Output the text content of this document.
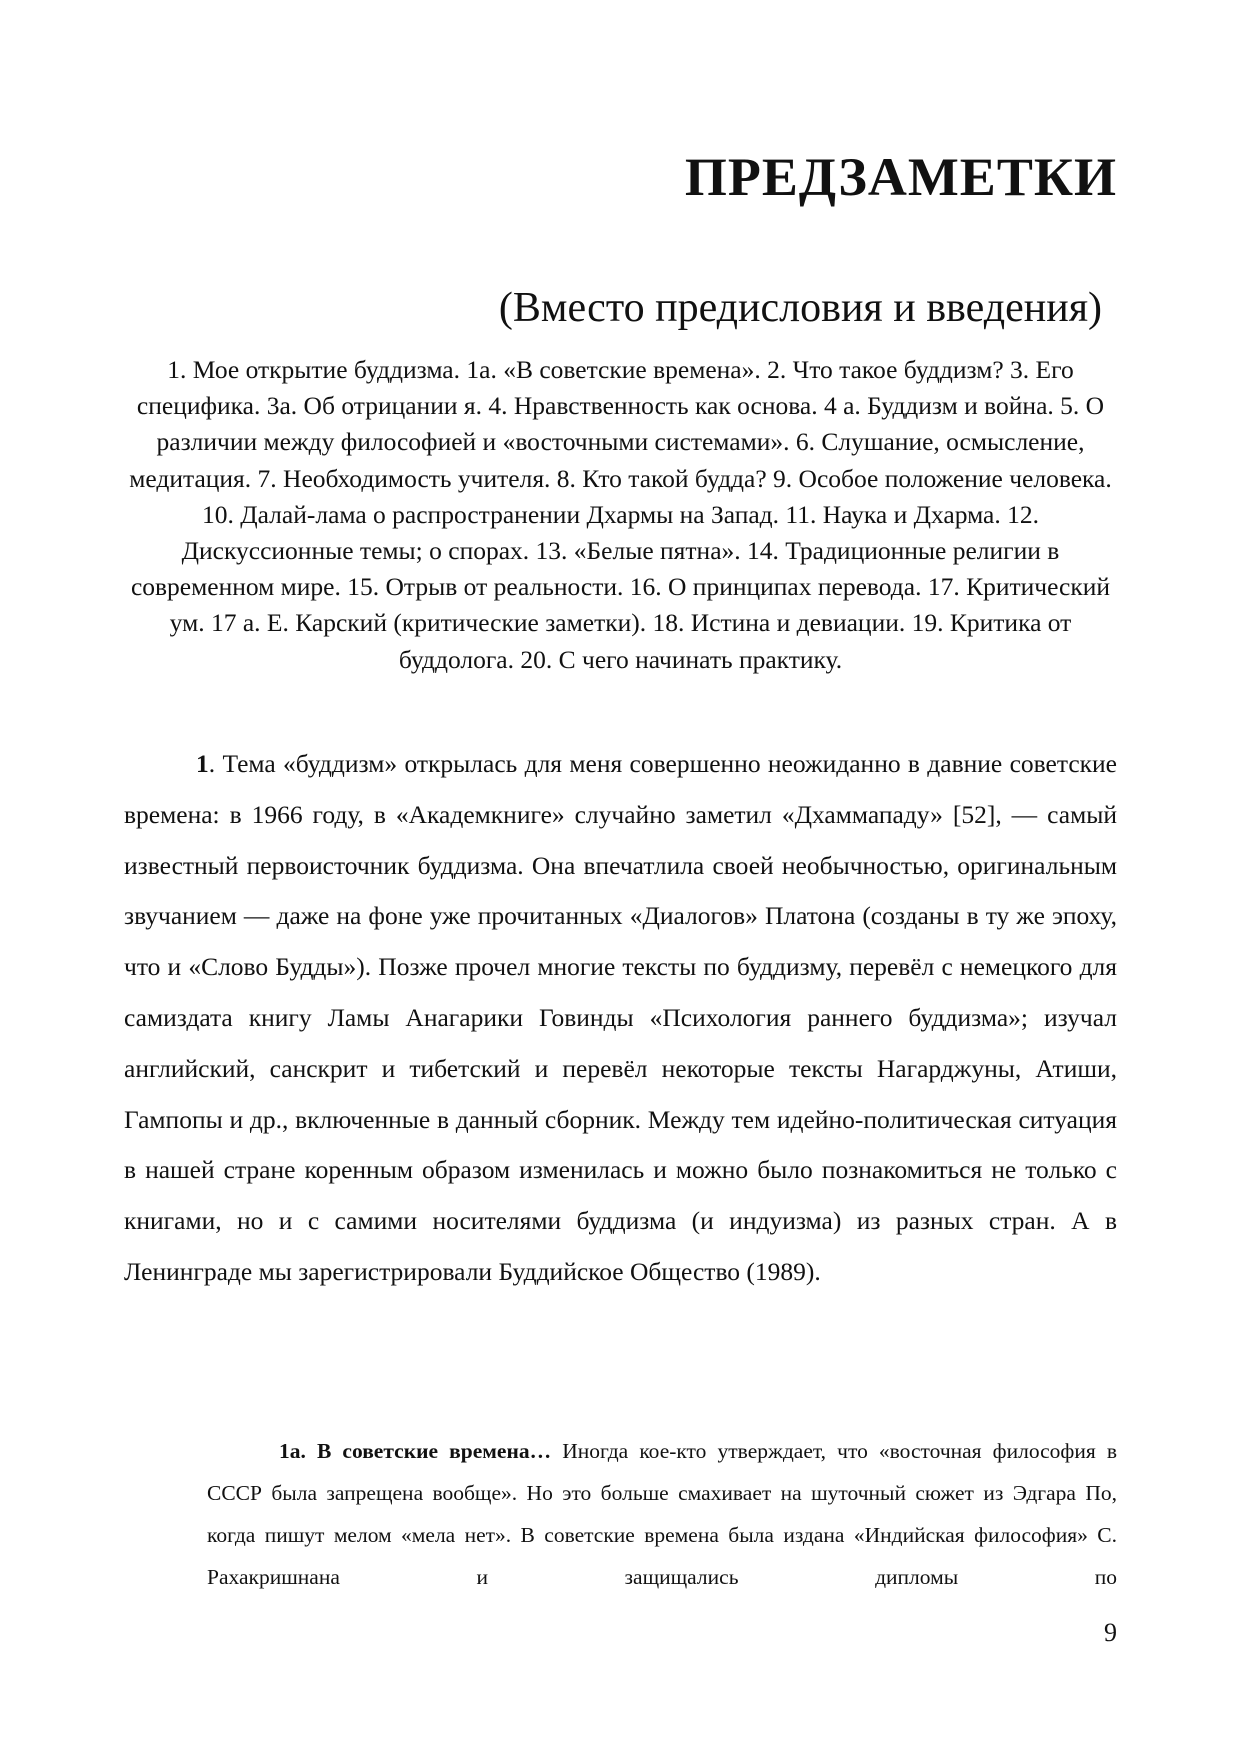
ПРЕДЗАМЕТКИ
(Вместо предисловия и введения)

1. Мое открытие буддизма. 1а. «В советские времена». 2. Что такое буддизм? 3. Его специфика. 3а. Об отрицании я. 4. Нравственность как основа. 4 а. Буддизм и война. 5. О различии между философией и «восточными системами». 6. Слушание, осмысление, медитация. 7. Необходимость учителя. 8. Кто такой будда? 9. Особое положение человека. 10. Далай-лама о распространении Дхармы на Запад. 11. Наука и Дхарма. 12. Дискуссионные темы; о спорах. 13. «Белые пятна». 14. Традиционные религии в современном мире. 15. Отрыв от реальности. 16. О принципах перевода. 17. Критический ум. 17 а. Е. Карский (критические заметки). 18. Истина и девиации. 19. Критика от буддолога. 20. С чего начинать практику.

1. Тема «буддизм» открылась для меня совершенно неожиданно в давние советские времена: в 1966 году, в «Академкниге» случайно заметил «Дхаммападу» [52], — самый известный первоисточник буддизма. Она впечатлила своей необычностью, оригинальным звучанием — даже на фоне уже прочитанных «Диалогов» Платона (созданы в ту же эпоху, что и «Слово Будды»). Позже прочел многие тексты по буддизму, перевёл с немецкого для самиздата книгу Ламы Анагарики Говинды «Психология раннего буддизма»; изучал английский, санскрит и тибетский и перевёл некоторые тексты Нагарджуны, Атиши, Гампопы и др., включенные в данный сборник. Между тем идейно-политическая ситуация в нашей стране коренным образом изменилась и можно было познакомиться не только с книгами, но и с самими носителями буддизма (и индуизма) из разных стран. А в Ленинграде мы зарегистрировали Буддийское Общество (1989).

1а. В советские времена… Иногда кое-кто утверждает, что «восточная философия в СССР была запрещена вообще». Но это больше смахивает на шуточный сюжет из Эдгара По, когда пишут мелом «мела нет». В советские времена была издана «Индийская философия» С. Рахакришнана и защищались дипломы по

9
